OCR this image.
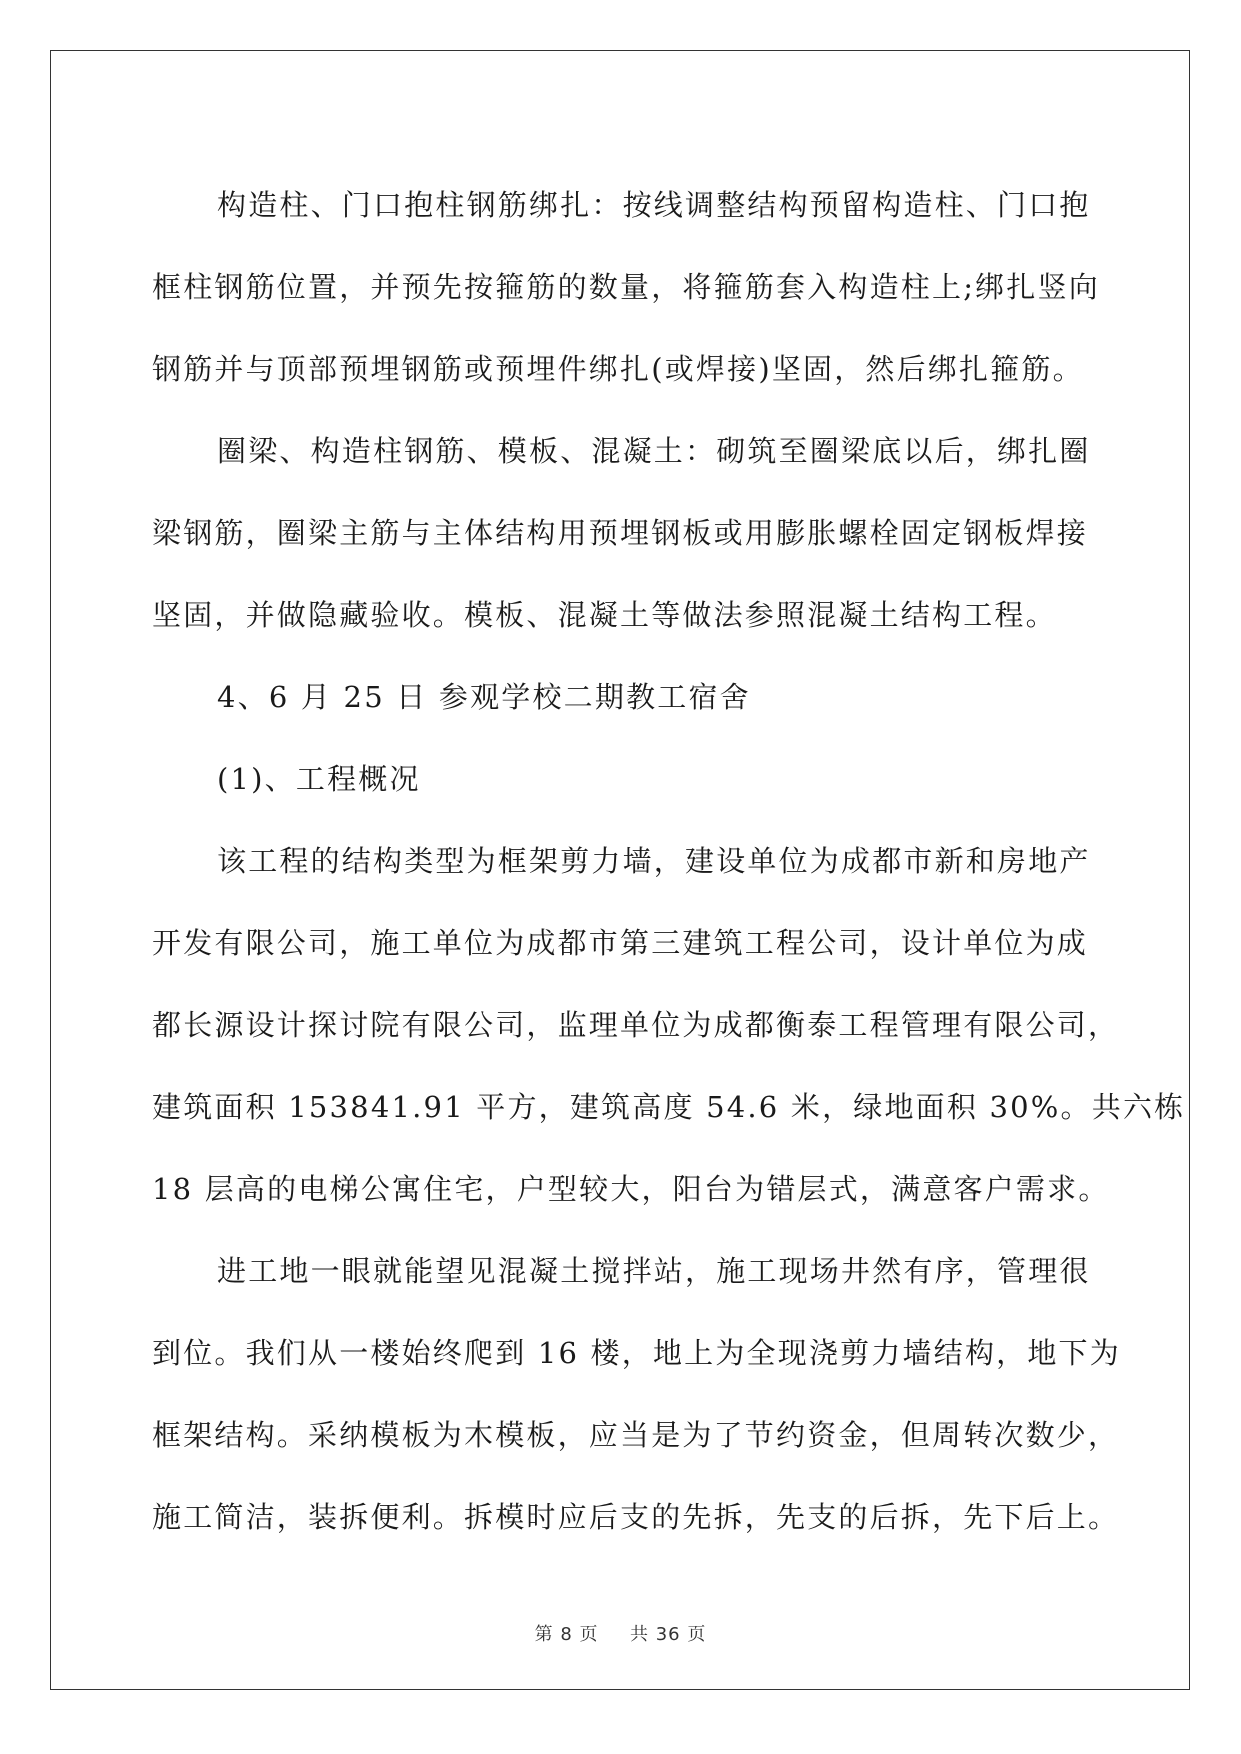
构造柱、门口抱柱钢筋绑扎：按线调整结构预留构造柱、门口抱
框柱钢筋位置，并预先按箍筋的数量，将箍筋套入构造柱上;绑扎竖向
钢筋并与顶部预埋钢筋或预埋件绑扎(或焊接)坚固，然后绑扎箍筋。

圈梁、构造柱钢筋、模板、混凝土：砌筑至圈梁底以后，绑扎圈
梁钢筋，圈梁主筋与主体结构用预埋钢板或用膨胀螺栓固定钢板焊接
坚固，并做隐藏验收。模板、混凝土等做法参照混凝土结构工程。

4、6 月 25 日 参观学校二期教工宿舍

(1)、工程概况

该工程的结构类型为框架剪力墙，建设单位为成都市新和房地产
开发有限公司，施工单位为成都市第三建筑工程公司，设计单位为成
都长源设计探讨院有限公司，监理单位为成都衡泰工程管理有限公司，
建筑面积 153841.91 平方，建筑高度 54.6 米，绿地面积 30%。共六栋
18 层高的电梯公寓住宅，户型较大，阳台为错层式，满意客户需求。

进工地一眼就能望见混凝土搅拌站，施工现场井然有序，管理很
到位。我们从一楼始终爬到 16 楼，地上为全现浇剪力墙结构，地下为
框架结构。采纳模板为木模板，应当是为了节约资金，但周转次数少，
施工简洁，装拆便利。拆模时应后支的先拆，先支的后拆，先下后上。

第 8 页 共 36 页
